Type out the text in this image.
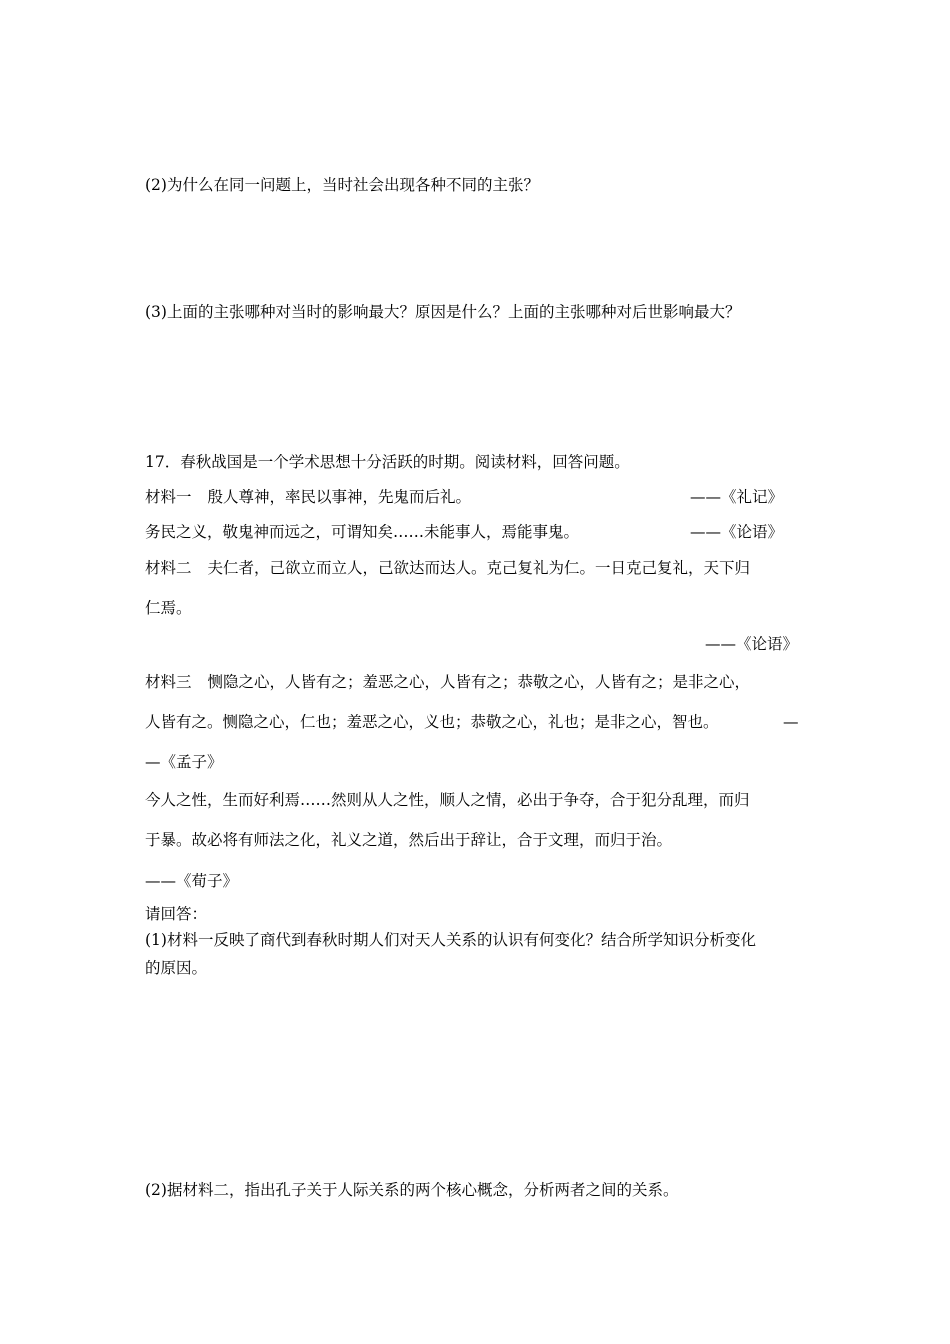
(2)为什么在同一问题上，当时社会出现各种不同的主张？
(3)上面的主张哪种对当时的影响最大？原因是什么？上面的主张哪种对后世影响最大？
17．春秋战国是一个学术思想十分活跃的时期。阅读材料，回答问题。
材料一 殷人尊神，率民以事神，先鬼而后礼。	——《礼记》
务民之义，敬鬼神而远之，可谓知矣……未能事人，焉能事鬼。	——《论语》
材料二 夫仁者，己欲立而立人，己欲达而达人。克己复礼为仁。一日克己复礼，天下归
仁焉。
——《论语》
材料三 恻隐之心，人皆有之；羞恶之心，人皆有之；恭敬之心，人皆有之；是非之心，
人皆有之。恻隐之心，仁也；羞恶之心，义也；恭敬之心，礼也；是非之心，智也。	—
—《孟子》
今人之性，生而好利焉……然则从人之性，顺人之情，必出于争夺，合于犯分乱理，而归
于暴。故必将有师法之化，礼义之道，然后出于辞让，合于文理，而归于治。
——《荀子》
请回答：
(1)材料一反映了商代到春秋时期人们对天人关系的认识有何变化？结合所学知识分析变化
的原因。
(2)据材料二，指出孔子关于人际关系的两个核心概念，分析两者之间的关系。
